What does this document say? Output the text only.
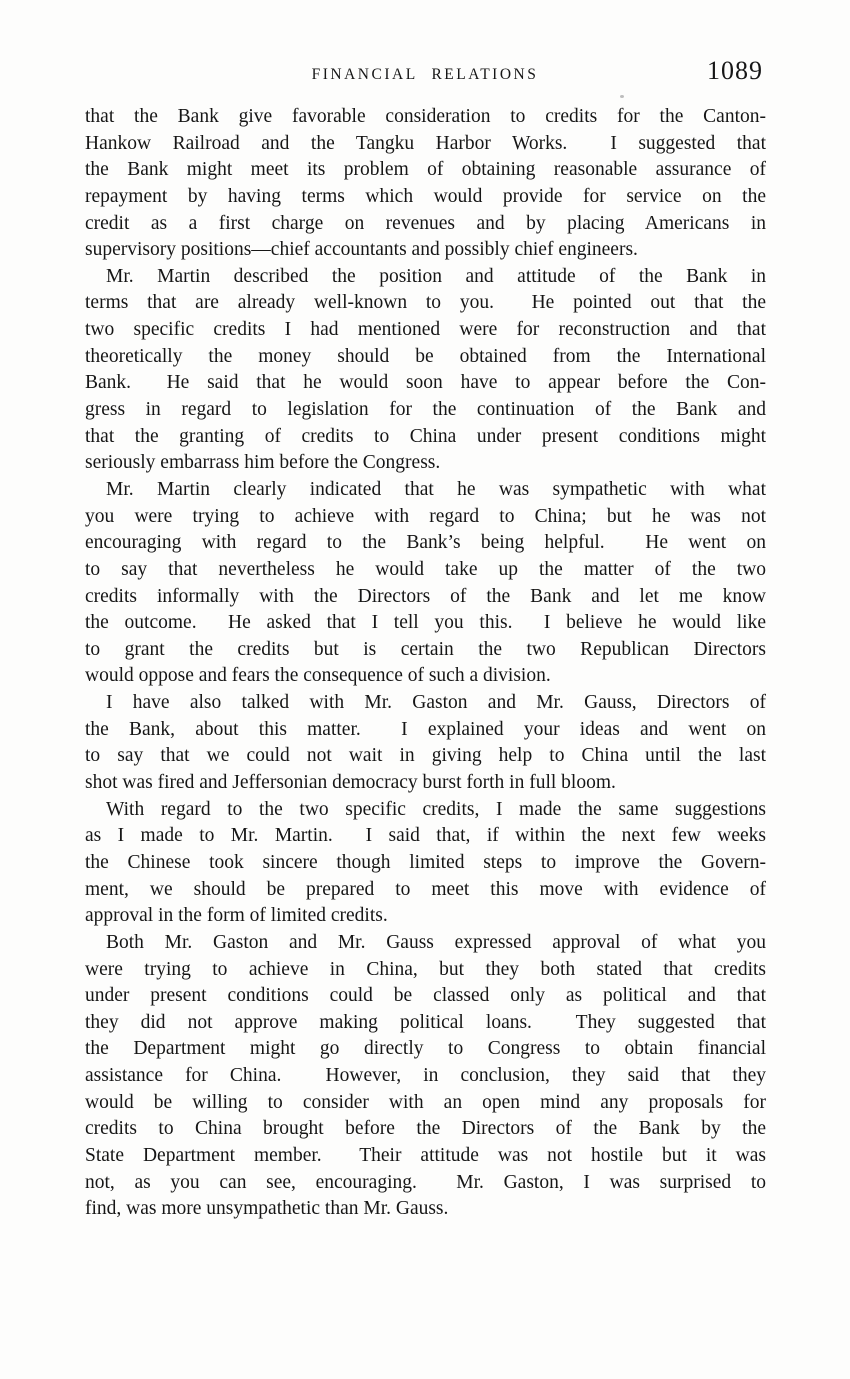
FINANCIAL RELATIONS	1089
that the Bank give favorable consideration to credits for the Canton-
Hankow Railroad and the Tangku Harbor Works.  I suggested that
the Bank might meet its problem of obtaining reasonable assurance of
repayment by having terms which would provide for service on the
credit as a first charge on revenues and by placing Americans in
supervisory positions—chief accountants and possibly chief engineers.
Mr. Martin described the position and attitude of the Bank in
terms that are already well-known to you.  He pointed out that the
two specific credits I had mentioned were for reconstruction and that
theoretically the money should be obtained from the International
Bank.  He said that he would soon have to appear before the Con-
gress in regard to legislation for the continuation of the Bank and
that the granting of credits to China under present conditions might
seriously embarrass him before the Congress.
Mr. Martin clearly indicated that he was sympathetic with what
you were trying to achieve with regard to China; but he was not
encouraging with regard to the Bank’s being helpful.  He went on
to say that nevertheless he would take up the matter of the two
credits informally with the Directors of the Bank and let me know
the outcome.  He asked that I tell you this.  I believe he would like
to grant the credits but is certain the two Republican Directors
would oppose and fears the consequence of such a division.
I have also talked with Mr. Gaston and Mr. Gauss, Directors of
the Bank, about this matter.  I explained your ideas and went on
to say that we could not wait in giving help to China until the last
shot was fired and Jeffersonian democracy burst forth in full bloom.
With regard to the two specific credits, I made the same suggestions
as I made to Mr. Martin.  I said that, if within the next few weeks
the Chinese took sincere though limited steps to improve the Govern-
ment, we should be prepared to meet this move with evidence of
approval in the form of limited credits.
Both Mr. Gaston and Mr. Gauss expressed approval of what you
were trying to achieve in China, but they both stated that credits
under present conditions could be classed only as political and that
they did not approve making political loans.  They suggested that
the Department might go directly to Congress to obtain financial
assistance for China.  However, in conclusion, they said that they
would be willing to consider with an open mind any proposals for
credits to China brought before the Directors of the Bank by the
State Department member.  Their attitude was not hostile but it was
not, as you can see, encouraging.  Mr. Gaston, I was surprised to
find, was more unsympathetic than Mr. Gauss.
